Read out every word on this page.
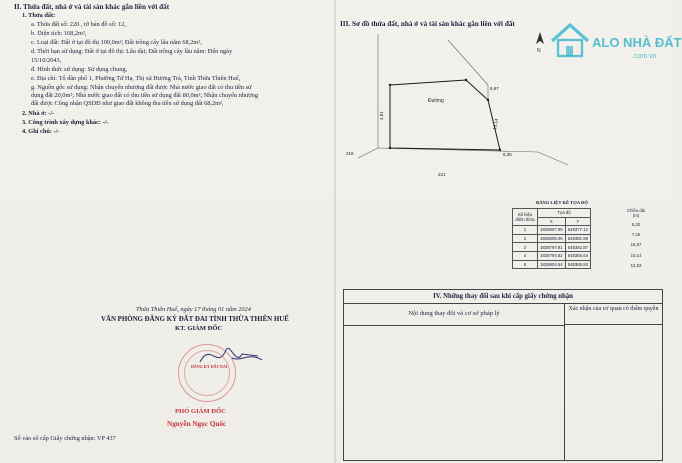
II. Thửa đất, nhà ở và tài sản khác gắn liền với đất
1. Thửa đất:
a. Thửa đất số: 220 , tờ bản đồ số: 12,
b. Diện tích: 168,2m²,
c. Loại đất: Đất ở tại đô thị 100,0m²; Đất trồng cây lâu năm 68,2m²,
d. Thời hạn sử dụng: Đất ở tại đô thị: Lâu dài; Đất trồng cây lâu năm: Đến ngày
15/10/2043,
đ. Hình thức sử dụng: Sử dụng chung,
e. Địa chỉ: Tổ dân phố 1, Phường Tứ Hạ, Thị xã Hương Trà, Tỉnh Thừa Thiên Huế,
g. Nguồn gốc sử dụng: Nhận chuyển nhượng đất được Nhà nước giao đất có thu tiền sử
dụng đất 20,0m²; Nhà nước giao đất có thu tiền sử dụng đất 80,0m²; Nhận chuyển nhượng
đất được Công nhận QSDĐ như giao đất không thu tiền sử dụng đất 68,2m²,
2. Nhà ở: -/-
3. Công trình xây dựng khác: -/-
4. Ghi chú: -/-
Thừa Thiên Huế, ngày 17 tháng 01 năm 2024
VĂN PHÒNG ĐĂNG KÝ ĐẤT ĐAI TỈNH THỪA THIÊN HUẾ
KT. GIÁM ĐỐC
ĐĂNG KÝ ĐẤT ĐAI
PHÓ GIÁM ĐỐC
Nguyễn Ngọc Quốc
Số vào sổ cấp Giấy chứng nhận: VP 437
III. Sơ đồ thửa đất, nhà ở và tài sản khác gắn liền với đất
Đường
4,81
6,97
10,14
6,35
219
221
N
BẢNG LIỆT KÊ TỌA ĐỘ
Số hiệu điểm thửa	Tọa độ	
	X	Y
1	1828807.99	548377.12
2	1828805.06	548381.59
3	1828797.91	548382.87
4	1828794.62	548366.64
5	1828804.64	548365.84
Chiều dài (m)
5,32
7,26
16,57
10,14
12,53
IV. Những thay đổi sau khi cấp giấy chứng nhận
Nội dung thay đổi và cơ sở pháp lý
Xác nhận của cơ quan có thẩm quyền
ALO NHÀ ĐẤT
.com.vn
